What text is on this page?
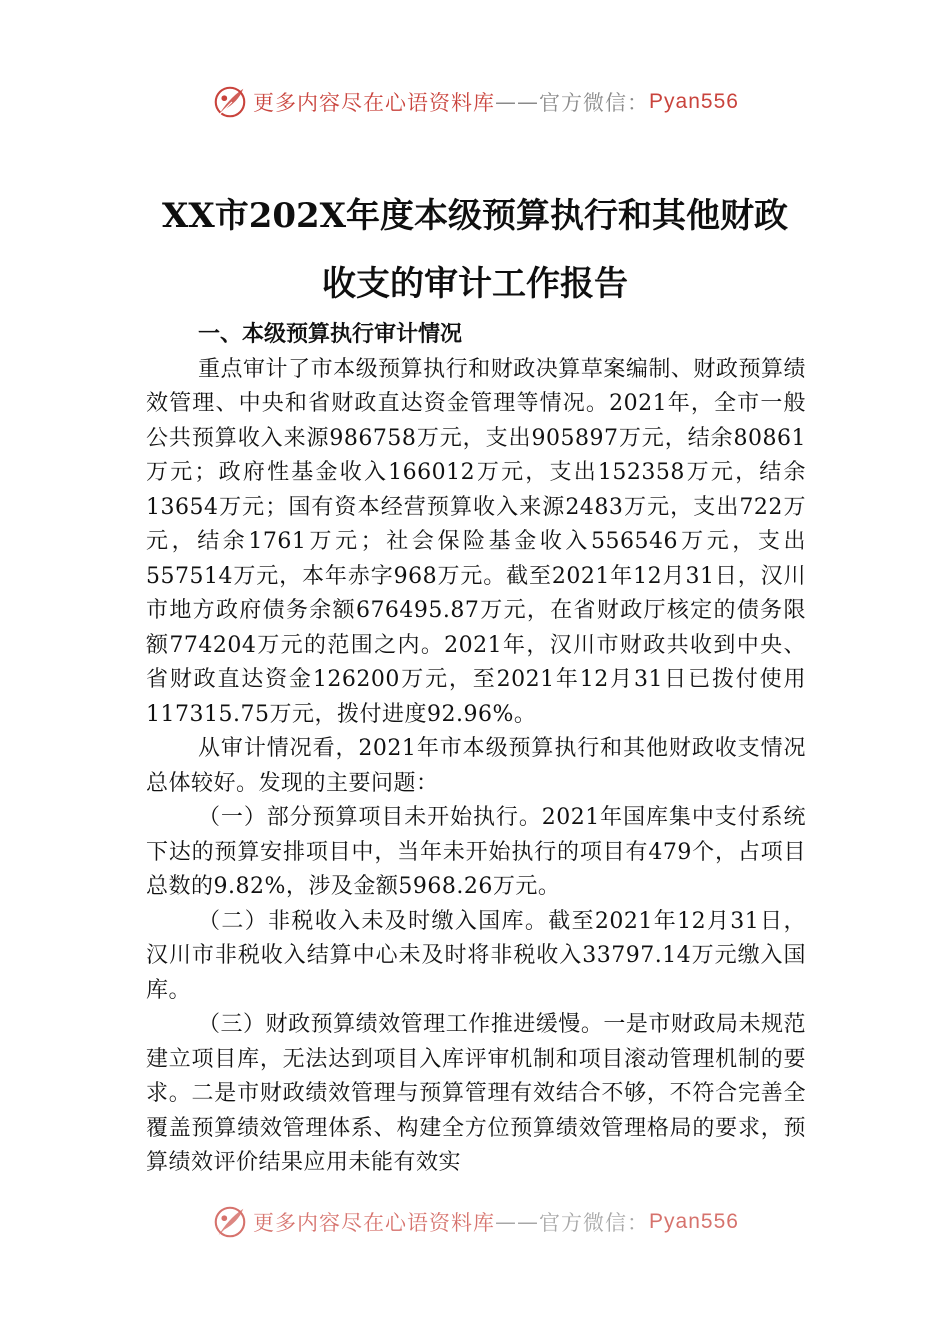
更多内容尽在心语资料库 —— 官方微信： Pyan556
XX市202X年度本级预算执行和其他财政
收支的审计工作报告

一、本级预算执行审计情况

重点审计了市本级预算执行和财政决算草案编制、财政预算绩效管理、中央和省财政直达资金管理等情况。2021年，全市一般公共预算收入来源986758万元，支出905897万元，结余80861万元；政府性基金收入166012万元，支出152358万元，结余13654万元；国有资本经营预算收入来源2483万元，支出722万元，结余1761万元；社会保险基金收入556546万元，支出557514万元，本年赤字968万元。截至2021年12月31日，汉川市地方政府债务余额676495.87万元，在省财政厅核定的债务限额774204万元的范围之内。2021年，汉川市财政共收到中央、省财政直达资金126200万元，至2021年12月31日已拨付使用117315.75万元，拨付进度92.96%。

从审计情况看，2021年市本级预算执行和其他财政收支情况总体较好。发现的主要问题：

（一）部分预算项目未开始执行。2021年国库集中支付系统下达的预算安排项目中，当年未开始执行的项目有479个，占项目总数的9.82%，涉及金额5968.26万元。

（二）非税收入未及时缴入国库。截至2021年12月31日，汉川市非税收入结算中心未及时将非税收入33797.14万元缴入国库。

（三）财政预算绩效管理工作推进缓慢。一是市财政局未规范建立项目库，无法达到项目入库评审机制和项目滚动管理机制的要求。二是市财政绩效管理与预算管理有效结合不够，不符合完善全覆盖预算绩效管理体系、构建全方位预算绩效管理格局的要求，预算绩效评价结果应用未能有效实

更多内容尽在心语资料库 —— 官方微信： Pyan556
